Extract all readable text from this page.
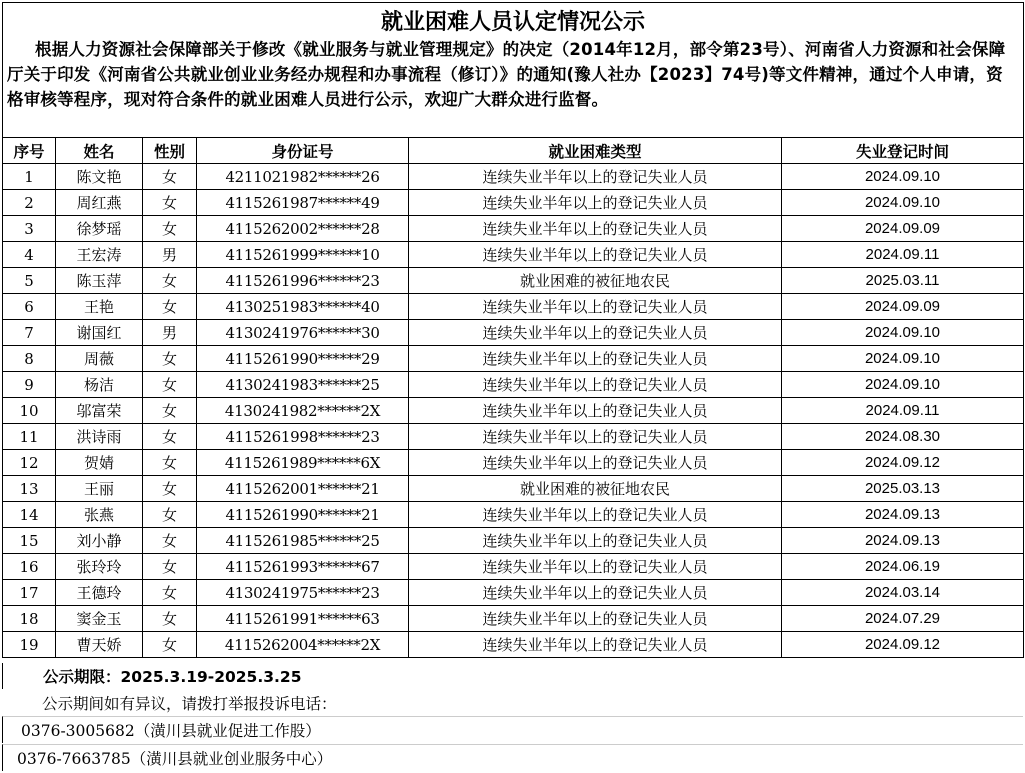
就业困难人员认定情况公示
根据人力资源社会保障部关于修改《就业服务与就业管理规定》的决定（2014年12月，部令第23号）、河南省人力资源和社会保障厅关于印发《河南省公共就业创业业务经办规程和办事流程（修订）》的通知(豫人社办【2023】74号)等文件精神，通过个人申请，资格审核等程序，现对符合条件的就业困难人员进行公示，欢迎广大群众进行监督。
序号	姓名	性别	身份证号	就业困难类型	失业登记时间
1	陈文艳	女	4211021982******26	连续失业半年以上的登记失业人员	2024.09.10
2	周红燕	女	4115261987******49	连续失业半年以上的登记失业人员	2024.09.10
3	徐梦瑶	女	4115262002******28	连续失业半年以上的登记失业人员	2024.09.09
4	王宏涛	男	4115261999******10	连续失业半年以上的登记失业人员	2024.09.11
5	陈玉萍	女	4115261996******23	就业困难的被征地农民	2025.03.11
6	王艳	女	4130251983******40	连续失业半年以上的登记失业人员	2024.09.09
7	谢国红	男	4130241976******30	连续失业半年以上的登记失业人员	2024.09.10
8	周薇	女	4115261990******29	连续失业半年以上的登记失业人员	2024.09.10
9	杨洁	女	4130241983******25	连续失业半年以上的登记失业人员	2024.09.10
10	邬富荣	女	4130241982******2X	连续失业半年以上的登记失业人员	2024.09.11
11	洪诗雨	女	4115261998******23	连续失业半年以上的登记失业人员	2024.08.30
12	贺婧	女	4115261989******6X	连续失业半年以上的登记失业人员	2024.09.12
13	王丽	女	4115262001******21	就业困难的被征地农民	2025.03.13
14	张燕	女	4115261990******21	连续失业半年以上的登记失业人员	2024.09.13
15	刘小静	女	4115261985******25	连续失业半年以上的登记失业人员	2024.09.13
16	张玲玲	女	4115261993******67	连续失业半年以上的登记失业人员	2024.06.19
17	王德玲	女	4130241975******23	连续失业半年以上的登记失业人员	2024.03.14
18	窦金玉	女	4115261991******63	连续失业半年以上的登记失业人员	2024.07.29
19	曹天娇	女	4115262004******2X	连续失业半年以上的登记失业人员	2024.09.12
公示期限：2025.3.19-2025.3.25
公示期间如有异议，请拨打举报投诉电话：
0376-3005682（潢川县就业促进工作股）
0376-7663785（潢川县就业创业服务中心）
